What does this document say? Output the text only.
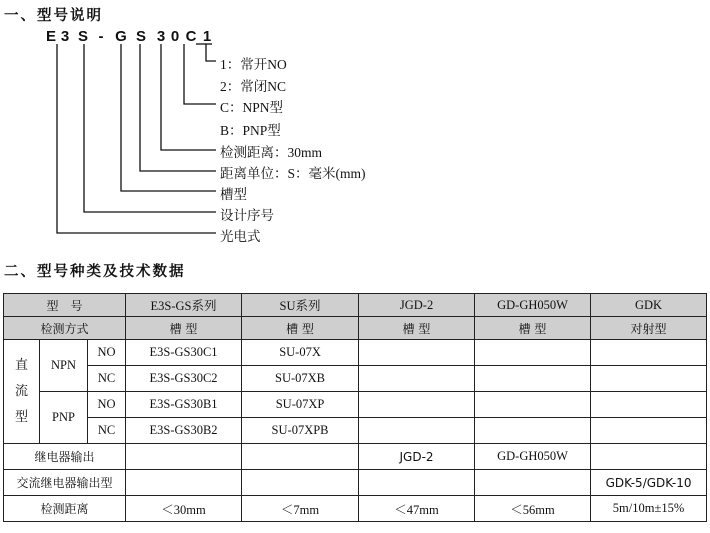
一、型号说明
E 3 S - G S 3 0 C 1
1：常开NO
2：常闭NC
C：NPN型
B：PNP型
检测距离：30mm
距离单位：S：毫米(mm)
槽型
设计序号
光电式
二、型号种类及技术数据
型　号			E3S-GS系列	SU系列	JGD-2	GD-GH050W	GDK
检测方式			槽 型	槽 型	槽 型	槽 型	对射型

直
流
型	NPN	NO	E3S-GS30C1	SU-07X			
		NC	E3S-GS30C2	SU-07XB			
	PNP	NO	E3S-GS30B1	SU-07XP			
		NC	E3S-GS30B2	SU-07XPB			
继电器输出					JGD-2	GD-GH050W	
交流继电器输出型							GDK-5/GDK-10
检测距离			＜30mm	＜7mm	＜47mm	＜56mm	5m/10m±15%
